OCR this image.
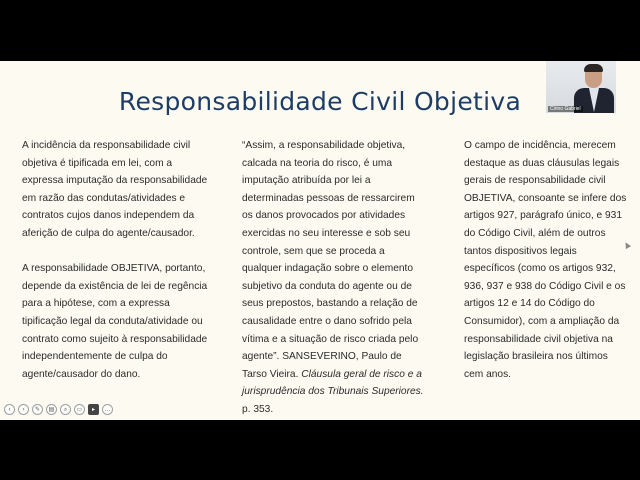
Responsabilidade Civil Objetiva

A incidência da responsabilidade civil objetiva é tipificada em lei, com a expressa imputação da responsabilidade em razão das condutas/atividades e contratos cujos danos independem da aferição de culpa do agente/causador.

A responsabilidade OBJETIVA, portanto, depende da existência de lei de regência para a hipótese, com a expressa tipificação legal da conduta/atividade ou contrato como sujeito à responsabilidade independentemente de culpa do agente/causador do dano.

“Assim, a responsabilidade objetiva, calcada na teoria do risco, é uma imputação atribuída por lei a determinadas pessoas de ressarcirem os danos provocados por atividades exercidas no seu interesse e sob seu controle, sem que se proceda a qualquer indagação sobre o elemento subjetivo da conduta do agente ou de seus prepostos, bastando a relação de causalidade entre o dano sofrido pela vítima e a situação de risco criada pelo agente”. SANSEVERINO, Paulo de Tarso Vieira. Cláusula geral de risco e a jurisprudência dos Tribunais Superiores. p. 353.

O campo de incidência, merecem destaque as duas cláusulas legais gerais de responsabilidade civil OBJETIVA, consoante se infere dos artigos 927, parágrafo único, e 931 do Código Civil, além de outros tantos dispositivos legais específicos (como os artigos 932, 936, 937 e 938 do Código Civil e os artigos 12 e 14 do Código do Consumidor), com a ampliação da responsabilidade civil objetiva na legislação brasileira nos últimos cem anos.

Cirino Gabriel
‹	›	✎	▤	⌕	▭	▸	…
